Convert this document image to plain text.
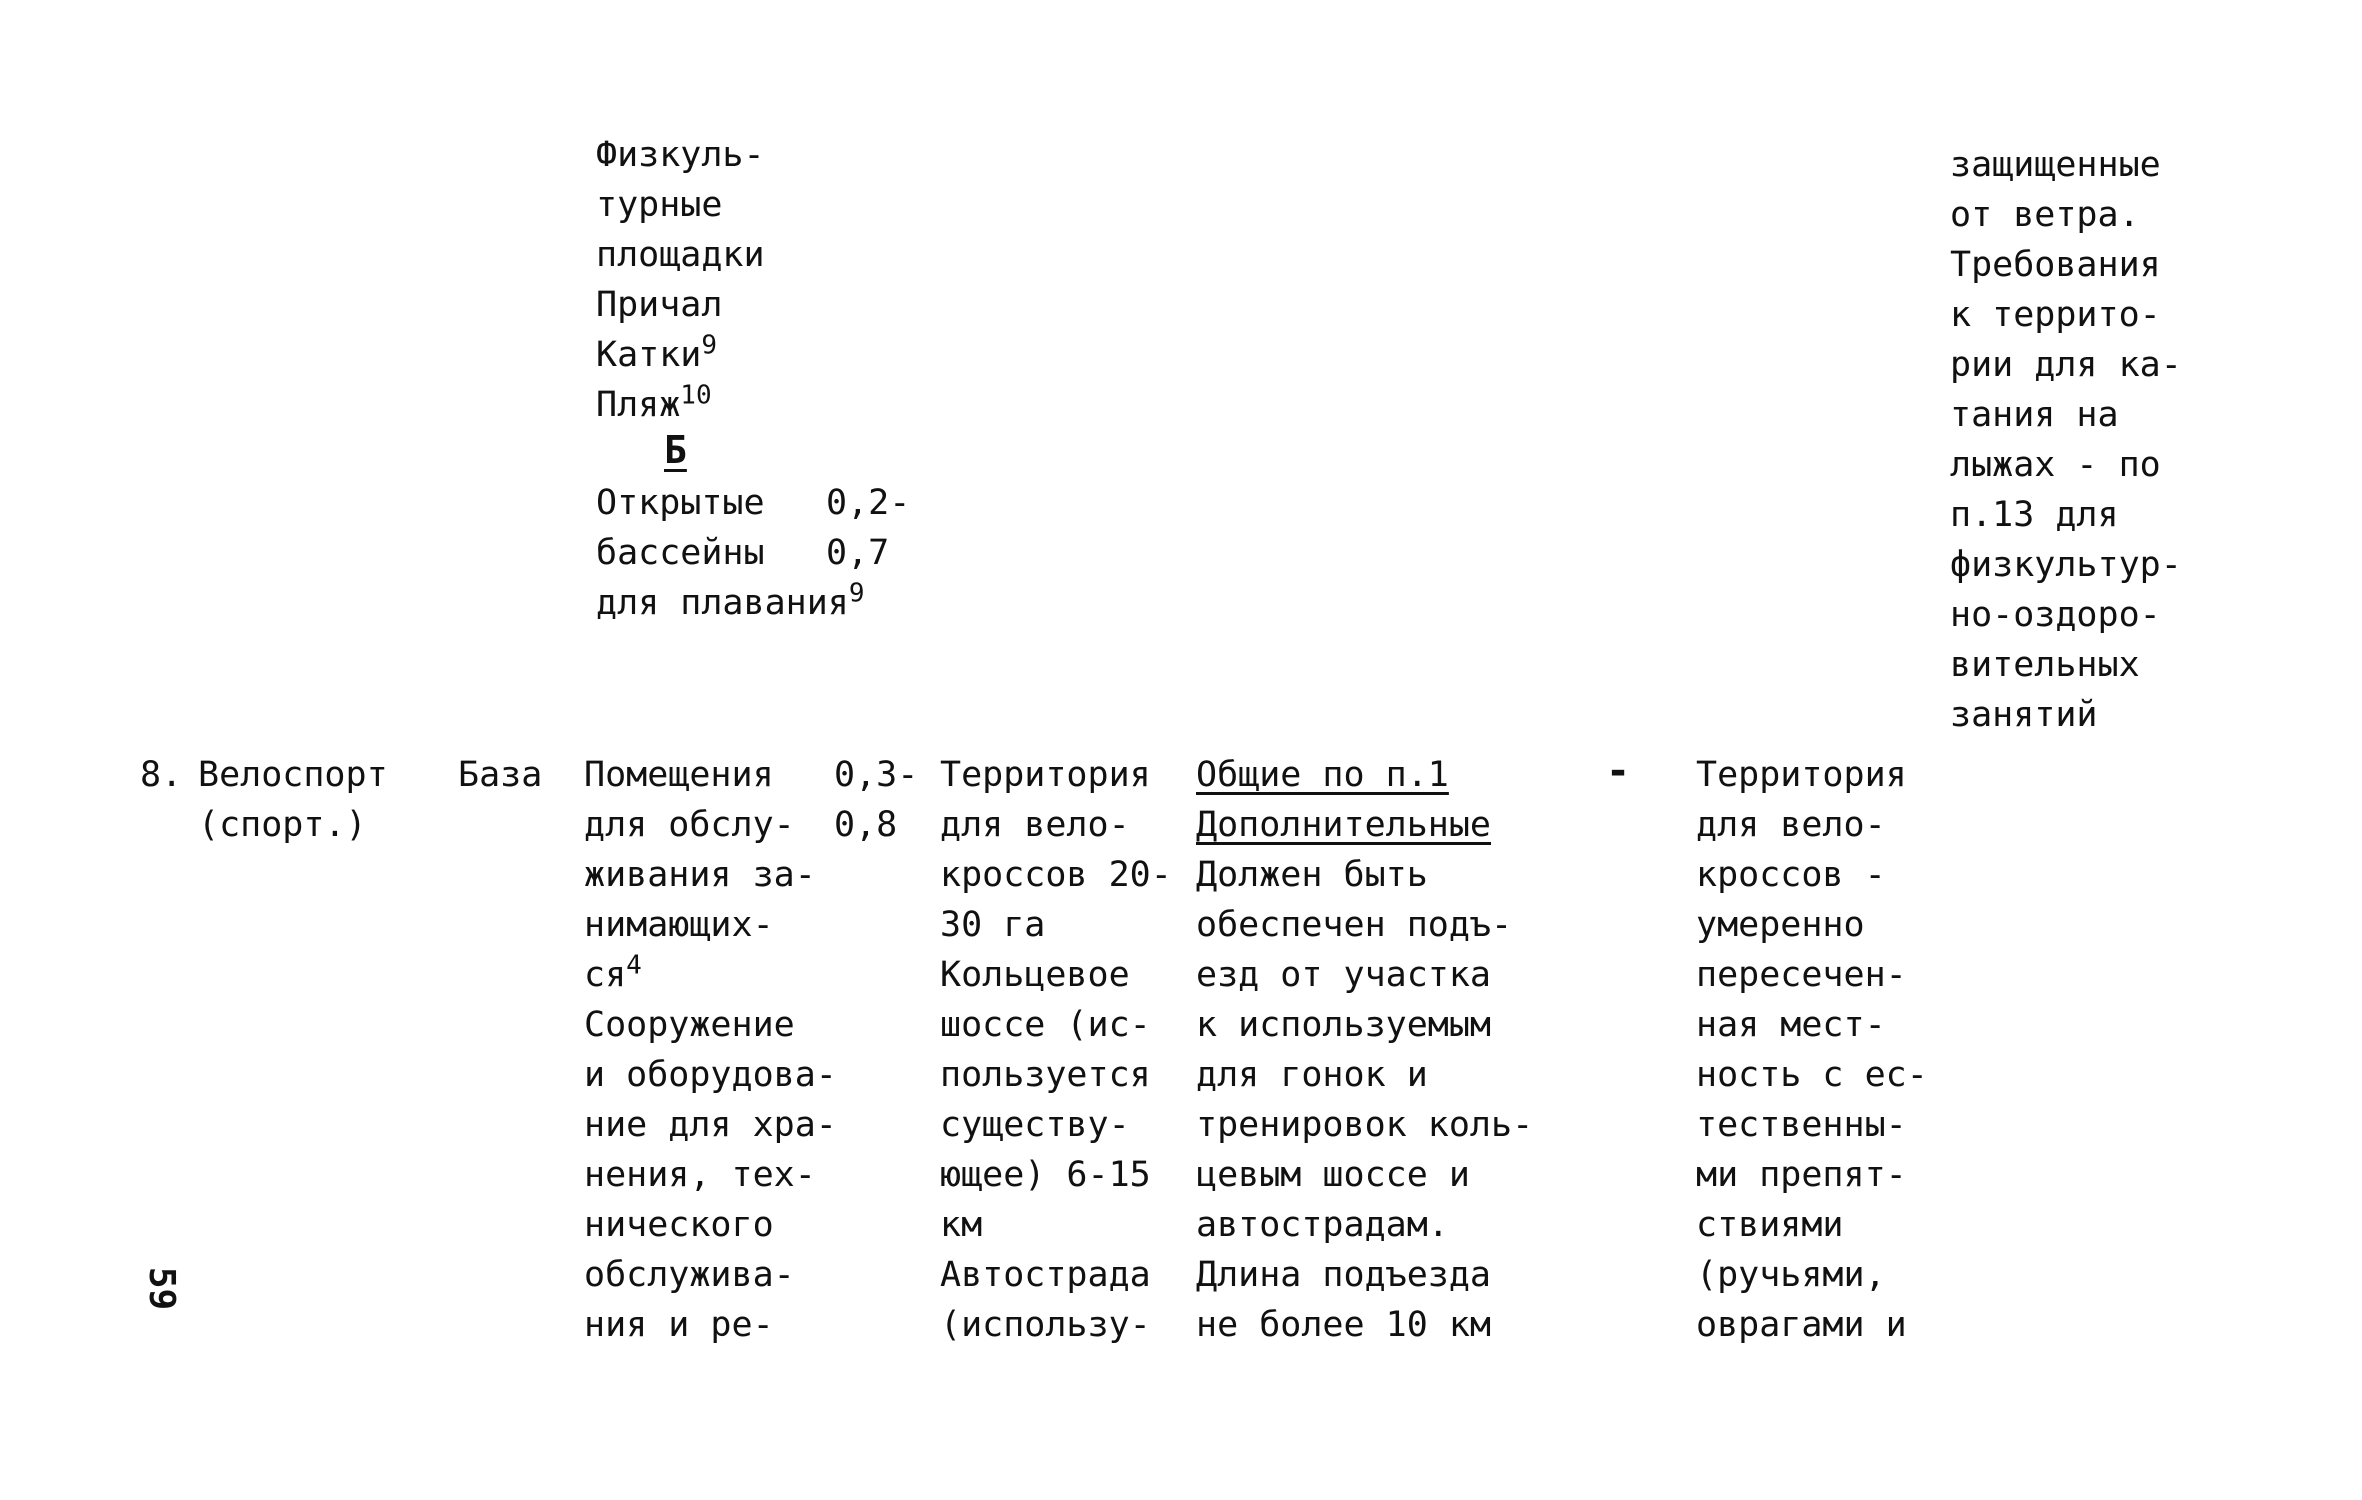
Физкуль-
турные
площадки
Причал
Катки$^9$
Пляж$^{10}$
Б
Открытые 0,2-
бассейны 0,7
для плавания$^9$
защищенные
от ветра.
Требования
к террито-
рии для ка-
тания на
лыжах - по
п.13 для
физкультур-
но-оздоро-
вительных
занятий
8. Велоспорт
(спорт.)
База Помещения 0,3-
для обслу- 0,8
живания за-
нимающих-
$ся^4$
Сооружение
и оборудова-
ние для хра-
нения, тех-
нического
обслужива-
ния и ре-
Территория
для вело-
кроссов 20-
30 га
Кольцевое
шоссе (ис-
пользуется
существу-
ющее) 6-15
км
Автострада
(использу-
Общие по п.1
Дополнительные
Должен быть
обеспечен подъ-
езд от участка
к используемым
для гонок и
тренировок коль-
цевым шоссе и
автострадам.
Длина подъезда
не более 10 км
- Территория
для вело-
кроссов -
умеренно
пересечен-
ная мест-
ность с ес-
тественны-
ми препят-
ствиями
(ручьями,
оврагами и
59
